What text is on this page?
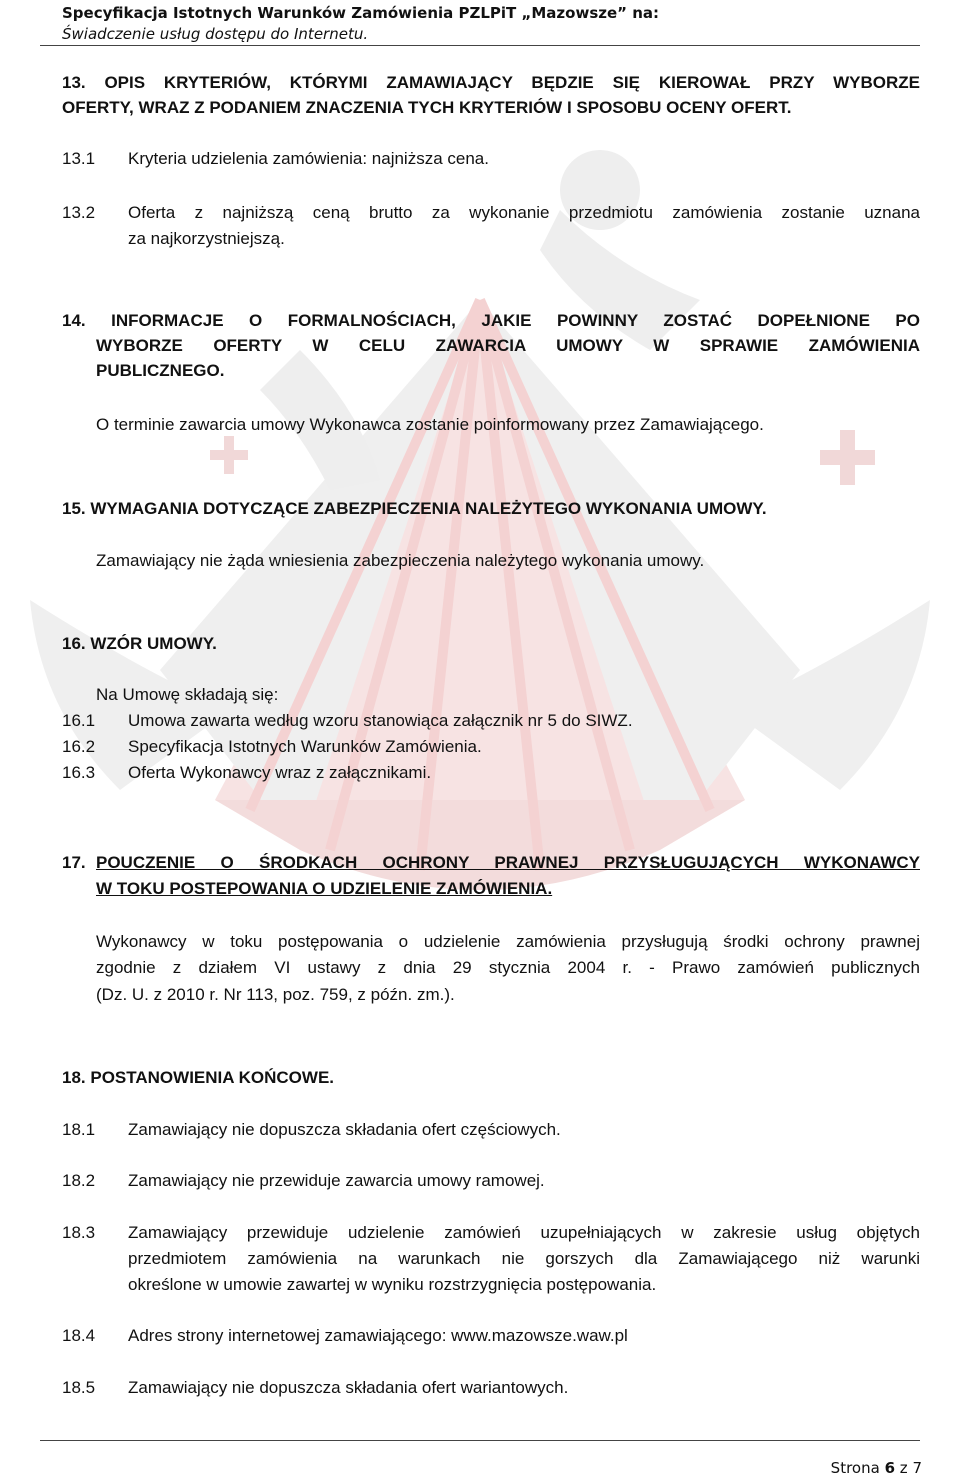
Specyfikacja Istotnych Warunków Zamówienia PZLPiT „Mazowsze” na:
Świadczenie usług dostępu do Internetu.
13. OPIS KRYTERIÓW, KTÓRYMI ZAMAWIAJĄCY BĘDZIE SIĘ KIEROWAŁ PRZY WYBORZE
OFERTY, WRAZ Z PODANIEM ZNACZENIA TYCH KRYTERIÓW I SPOSOBU OCENY OFERT.
13.1 Kryteria udzielenia zamówienia: najniższa cena.
13.2 Oferta z najniższą ceną brutto za wykonanie przedmiotu zamówienia zostanie uznana
za najkorzystniejszą.
14. INFORMACJE O FORMALNOŚCIACH, JAKIE POWINNY ZOSTAĆ DOPEŁNIONE PO
WYBORZE OFERTY W CELU ZAWARCIA UMOWY W SPRAWIE ZAMÓWIENIA
PUBLICZNEGO.
O terminie zawarcia umowy Wykonawca zostanie poinformowany przez Zamawiającego.
15. WYMAGANIA DOTYCZĄCE ZABEZPIECZENIA NALEŻYTEGO WYKONANIA UMOWY.
Zamawiający nie żąda wniesienia zabezpieczenia należytego wykonania umowy.
16. WZÓR UMOWY.
Na Umowę składają się:
16.1 Umowa zawarta według wzoru stanowiąca załącznik nr 5 do SIWZ.
16.2 Specyfikacja Istotnych Warunków Zamówienia.
16.3 Oferta Wykonawcy wraz z załącznikami.
17. POUCZENIE O ŚRODKACH OCHRONY PRAWNEJ PRZYSŁUGUJĄCYCH WYKONAWCY
W TOKU POSTEPOWANIA O UDZIELENIE ZAMÓWIENIA.
Wykonawcy w toku postępowania o udzielenie zamówienia przysługują środki ochrony prawnej
zgodnie z działem VI ustawy z dnia 29 stycznia 2004 r. - Prawo zamówień publicznych
(Dz. U. z 2010 r. Nr 113, poz. 759, z późn. zm.).
18. POSTANOWIENIA KOŃCOWE.
18.1 Zamawiający nie dopuszcza składania ofert częściowych.
18.2 Zamawiający nie przewiduje zawarcia umowy ramowej.
18.3 Zamawiający przewiduje udzielenie zamówień uzupełniających w zakresie usług objętych
przedmiotem zamówienia na warunkach nie gorszych dla Zamawiającego niż warunki
określone w umowie zawartej w wyniku rozstrzygnięcia postępowania.
18.4 Adres strony internetowej zamawiającego: www.mazowsze.waw.pl
18.5 Zamawiający nie dopuszcza składania ofert wariantowych.
Strona 6 z 7
